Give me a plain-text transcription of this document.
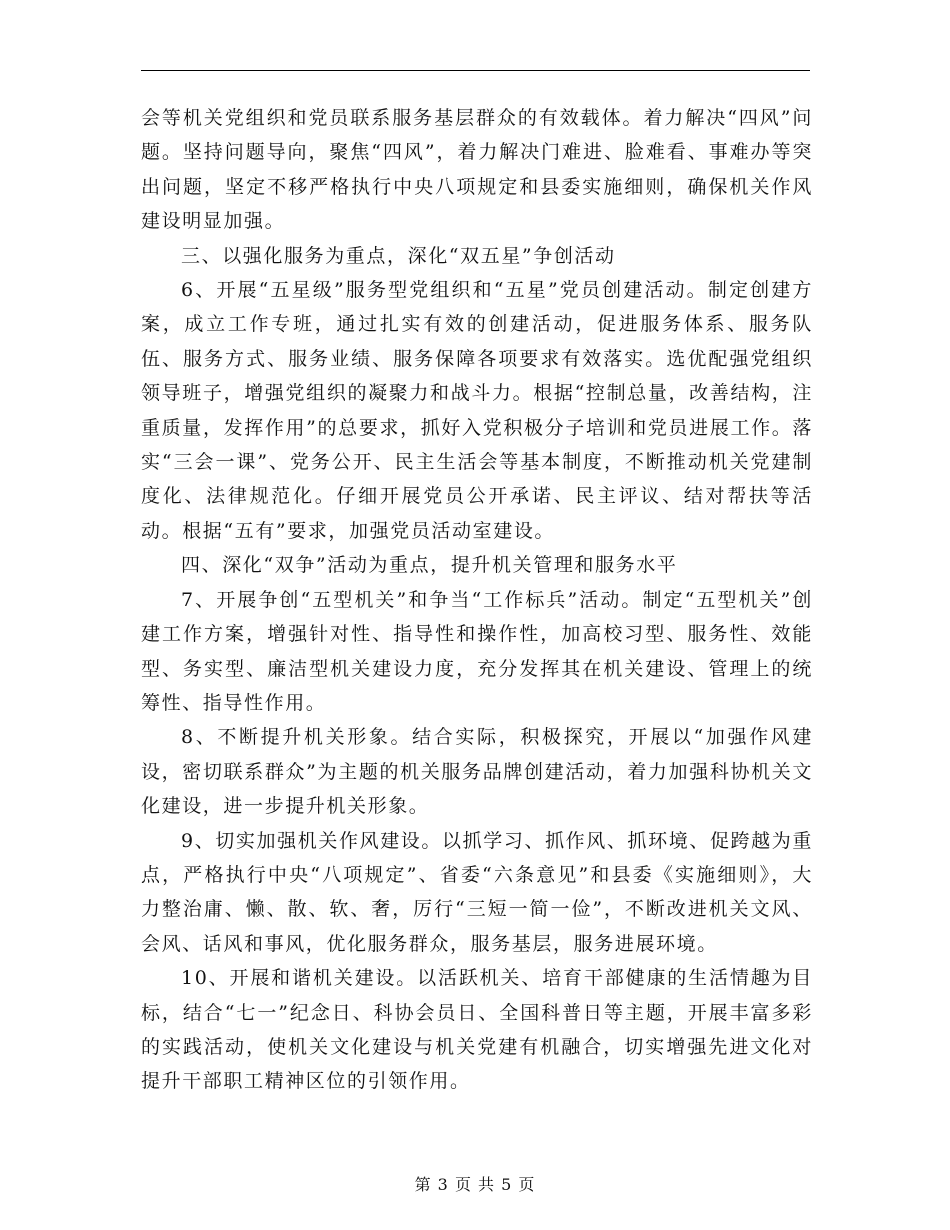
会等机关党组织和党员联系服务基层群众的有效载体。着力解决“四风”问题。坚持问题导向，聚焦“四风”，着力解决门难进、脸难看、事难办等突出问题，坚定不移严格执行中央八项规定和县委实施细则，确保机关作风建设明显加强。

三、以强化服务为重点，深化“双五星”争创活动

6、开展“五星级”服务型党组织和“五星”党员创建活动。制定创建方案，成立工作专班，通过扎实有效的创建活动，促进服务体系、服务队伍、服务方式、服务业绩、服务保障各项要求有效落实。选优配强党组织领导班子，增强党组织的凝聚力和战斗力。根据“控制总量，改善结构，注重质量，发挥作用”的总要求，抓好入党积极分子培训和党员进展工作。落实“三会一课”、党务公开、民主生活会等基本制度，不断推动机关党建制度化、法律规范化。仔细开展党员公开承诺、民主评议、结对帮扶等活动。根据“五有”要求，加强党员活动室建设。

四、深化“双争”活动为重点，提升机关管理和服务水平

7、开展争创“五型机关”和争当“工作标兵”活动。制定“五型机关”创建工作方案，增强针对性、指导性和操作性，加高校习型、服务性、效能型、务实型、廉洁型机关建设力度，充分发挥其在机关建设、管理上的统筹性、指导性作用。

8、不断提升机关形象。结合实际，积极探究，开展以“加强作风建设，密切联系群众”为主题的机关服务品牌创建活动，着力加强科协机关文化建设，进一步提升机关形象。

9、切实加强机关作风建设。以抓学习、抓作风、抓环境、促跨越为重点，严格执行中央“八项规定”、省委“六条意见”和县委《实施细则》，大力整治庸、懒、散、软、奢，厉行“三短一简一俭”，不断改进机关文风、会风、话风和事风，优化服务群众，服务基层，服务进展环境。

10、开展和谐机关建设。以活跃机关、培育干部健康的生活情趣为目标，结合“七一”纪念日、科协会员日、全国科普日等主题，开展丰富多彩的实践活动，使机关文化建设与机关党建有机融合，切实增强先进文化对提升干部职工精神区位的引领作用。

第 3 页 共 5 页
